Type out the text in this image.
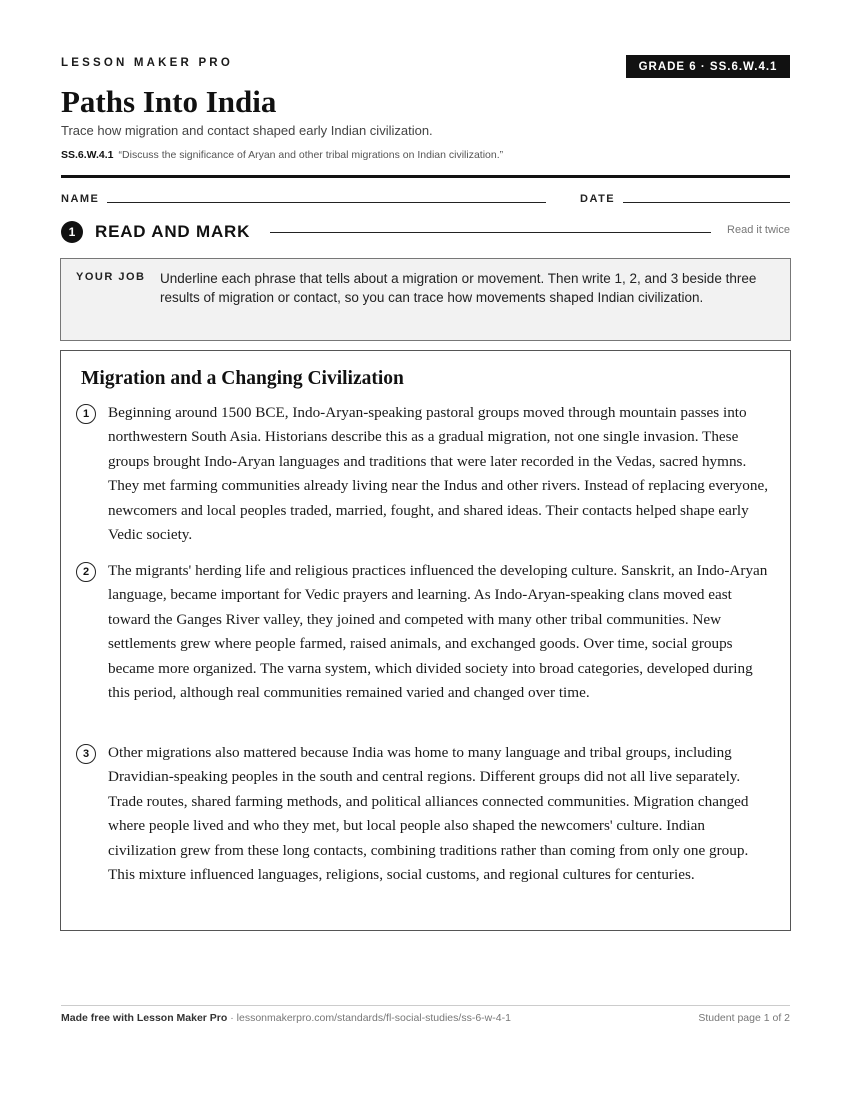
LESSON MAKER PRO	GRADE 6 · SS.6.W.4.1
Paths Into India
Trace how migration and contact shaped early Indian civilization.
SS.6.W.4.1 “Discuss the significance of Aryan and other tribal migrations on Indian civilization.”
NAME	DATE
1	READ AND MARK	Read it twice
YOUR JOB Underline each phrase that tells about a migration or movement. Then write 1, 2, and 3 beside three results of migration or contact, so you can trace how movements shaped Indian civilization.
Migration and a Changing Civilization
1	Beginning around 1500 BCE, Indo-Aryan-speaking pastoral groups moved through mountain passes into northwestern South Asia. Historians describe this as a gradual migration, not one single invasion. These groups brought Indo-Aryan languages and traditions that were later recorded in the Vedas, sacred hymns. They met farming communities already living near the Indus and other rivers. Instead of replacing everyone, newcomers and local peoples traded, married, fought, and shared ideas. Their contacts helped shape early Vedic society.

2	The migrants' herding life and religious practices influenced the developing culture. Sanskrit, an Indo-Aryan language, became important for Vedic prayers and learning. As Indo-Aryan-speaking clans moved east toward the Ganges River valley, they joined and competed with many other tribal communities. New settlements grew where people farmed, raised animals, and exchanged goods. Over time, social groups became more organized. The varna system, which divided society into broad categories, developed during this period, although real communities remained varied and changed over time.

3	Other migrations also mattered because India was home to many language and tribal groups, including Dravidian-speaking peoples in the south and central regions. Different groups did not all live separately. Trade routes, shared farming methods, and political alliances connected communities. Migration changed where people lived and who they met, but local people also shaped the newcomers' culture. Indian civilization grew from these long contacts, combining traditions rather than coming from only one group. This mixture influenced languages, religions, social customs, and regional cultures for centuries.

Made free with Lesson Maker Pro · lessonmakerpro.com/standards/fl-social-studies/ss-6-w-4-1	Student page 1 of 2
